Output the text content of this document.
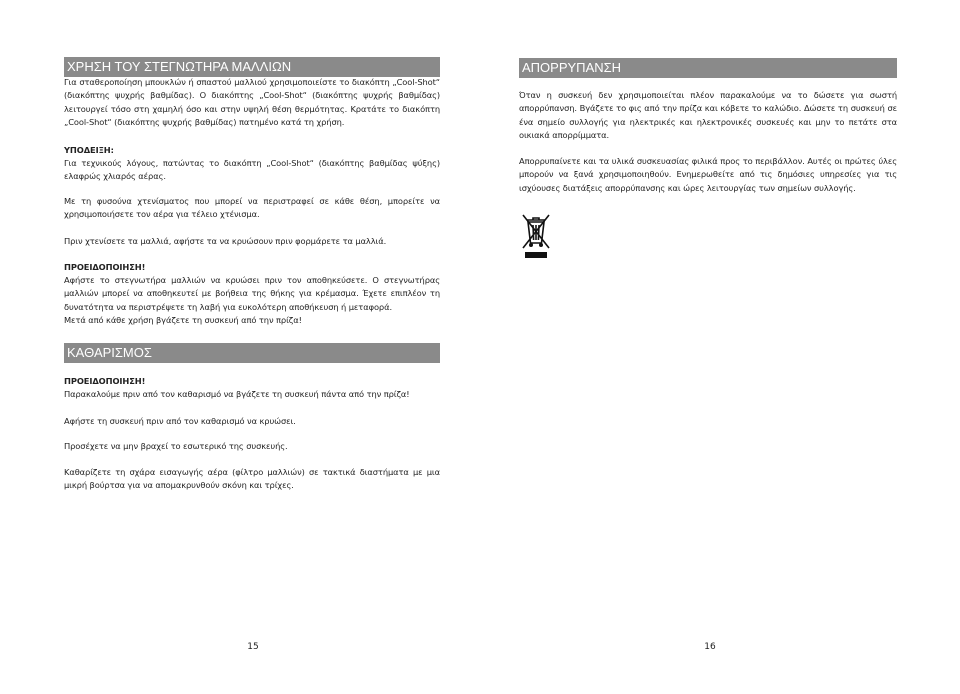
ΧΡΗΣΗ ΤΟΥ ΣΤΕΓΝΩΤΗΡΑ ΜΑΛΛΙΩΝ
Για σταθεροποίηση μπουκλών ή σπαστού μαλλιού χρησιμοποιείστε το διακόπτη „Cool-Shot“ (διακόπτης ψυχρής βαθμίδας). Ο διακόπτης „Cool-Shot“ (διακόπτης ψυχρής βαθμίδας) λειτουργεί τόσο στη χαμηλή όσο και στην υψηλή θέση θερμότητας. Κρατάτε το διακόπτη „Cool-Shot“ (διακόπτης ψυχρής βαθμίδας) πατημένο κατά τη χρήση.
ΥΠΟΔΕΙΞΗ:
Για τεχνικούς λόγους, πατώντας το διακόπτη „Cool-Shot“ (διακόπτης βαθμίδας ψύξης) ελαφρώς χλιαρός αέρας.
Με τη φυσούνα χτενίσματος που μπορεί να περιστραφεί σε κάθε θέση, μπορείτε να χρησιμοποιήσετε τον αέρα για τέλειο χτένισμα.
Πριν χτενίσετε τα μαλλιά, αφήστε τα να κρυώσουν πριν φορμάρετε τα μαλλιά.
ΠΡΟΕΙΔΟΠΟΙΗΣΗ!
Αφήστε το στεγνωτήρα μαλλιών να κρυώσει πριν τον αποθηκεύσετε. Ο στεγνωτήρας μαλλιών μπορεί να αποθηκευτεί με βοήθεια της θήκης για κρέμασμα. Έχετε επιπλέον τη δυνατότητα να περιστρέψετε τη λαβή για ευκολότερη αποθήκευση ή μεταφορά.
Μετά από κάθε χρήση βγάζετε τη συσκευή από την πρίζα!
ΚΑΘΑΡΙΣΜΟΣ
ΠΡΟΕΙΔΟΠΟΙΗΣΗ!
Παρακαλούμε πριν από τον καθαρισμό να βγάζετε τη συσκευή πάντα από την πρίζα!
Αφήστε τη συσκευή πριν από τον καθαρισμό να κρυώσει.
Προσέχετε να μην βραχεί το εσωτερικό της συσκευής.
Καθαρίζετε τη σχάρα εισαγωγής αέρα (φίλτρο μαλλιών) σε τακτικά διαστήματα με μια μικρή βούρτσα για να απομακρυνθούν σκόνη και τρίχες.
15
ΑΠΟΡΡΥΠΑΝΣΗ
Όταν η συσκευή δεν χρησιμοποιείται πλέον παρακαλούμε να το δώσετε για σωστή απορρύπανση. Βγάζετε το φις από την πρίζα και κόβετε το καλώδιο. Δώσετε τη συσκευή σε ένα σημείο συλλογής για ηλεκτρικές και ηλεκτρονικές συσκευές και μην το πετάτε στα οικιακά απορρίμματα.
Απορρυπαίνετε και τα υλικά συσκευασίας φιλικά προς το περιβάλλον. Αυτές οι πρώτες ύλες μπορούν να ξανά χρησιμοποιηθούν. Ενημερωθείτε από τις δημόσιες υπηρεσίες για τις ισχύουσες διατάξεις απορρύπανσης και ώρες λειτουργίας των σημείων συλλογής.
16
